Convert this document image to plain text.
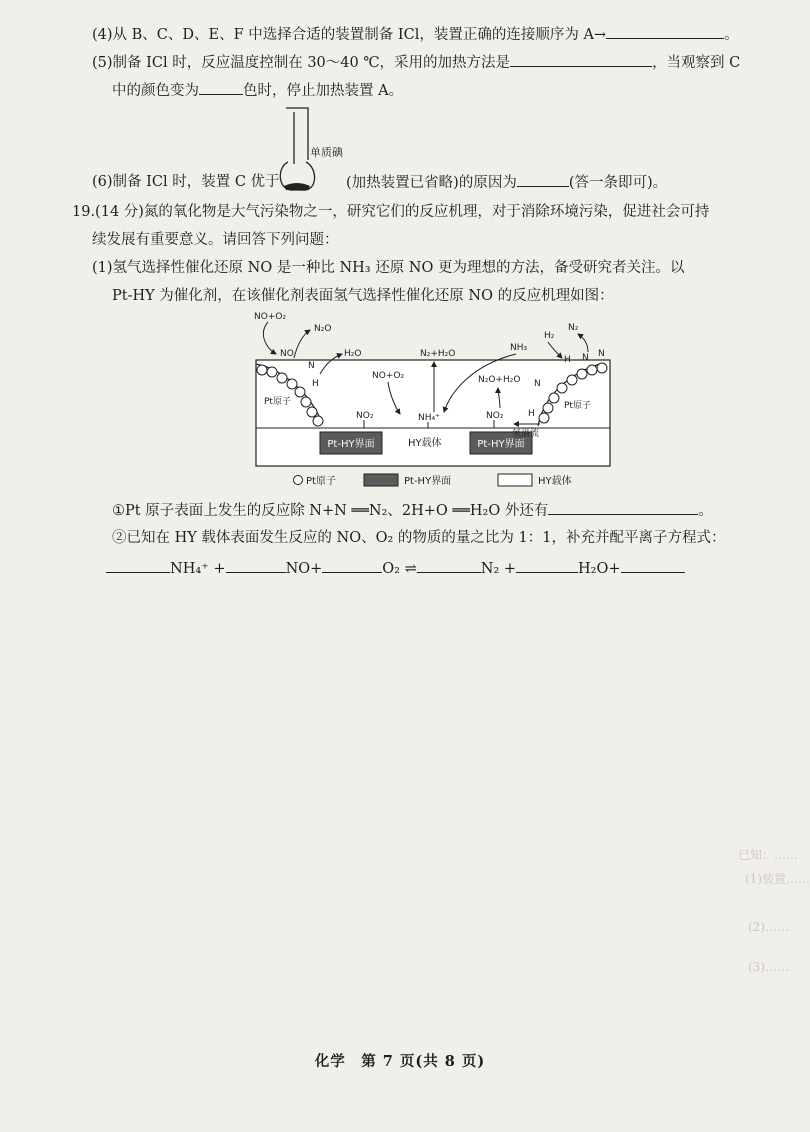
已知：……
(1)装置……
(2)……
(3)……
(4)从 B、C、D、E、F 中选择合适的装置制备 ICl，装置正确的连接顺序为 A→	。
(5)制备 ICl 时，反应温度控制在 30～40 ℃，采用的加热方法是	，当观察到 C
中的颜色变为	色时，停止加热装置 A。
单质碘
(6)制备 ICl 时，装置 C 优于	(加热装置已省略)的原因为	(答一条即可)。
19.(14 分)氮的氧化物是大气污染物之一，研究它们的反应机理，对于消除环境污染，促进社会可持
续发展有重要意义。请回答下列问题：
(1)氢气选择性催化还原 NO 是一种比 NH₃ 还原 NO 更为理想的方法，备受研究者关注。以
Pt-HY 为催化剂，在该催化剂表面氢气选择性催化还原 NO 的反应机理如图：
Pt-HY界面	Pt-HY界面
HY载体
Pt原子
NO+O₂
N₂O
NO
N
H
H₂O
NO+O₂
NO₂
N₂+H₂O
NH₄⁺
NH₃
N₂O+H₂O
NO₂
Pt原子
H₂
N₂
H N N
N
H
氢溢流
Pt原子	Pt-HY界面	HY载体
①Pt 原子表面上发生的反应除 N+N ══N₂、2H+O ══H₂O 外还有	。
②已知在 HY 载体表面发生反应的 NO、O₂ 的物质的量之比为 1：1，补充并配平离子方程式：
NH₄⁺ +	NO+	O₂ ⇌	N₂ +	H₂O+
化学　第 7 页(共 8 页)
